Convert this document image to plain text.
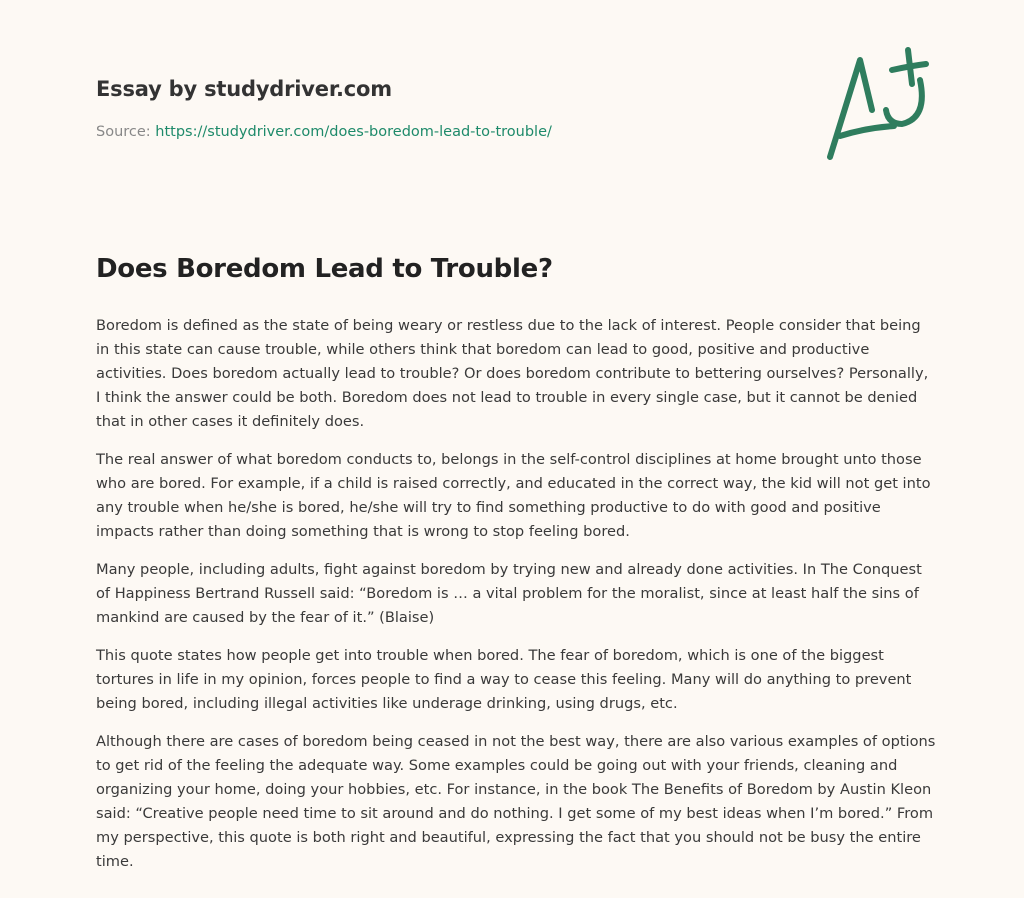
Essay by studydriver.com
Source: https://studydriver.com/does-boredom-lead-to-trouble/
Does Boredom Lead to Trouble?

Boredom is defined as the state of being weary or restless due to the lack of interest. People consider that being in this state can cause trouble, while others think that boredom can lead to good, positive and productive activities. Does boredom actually lead to trouble? Or does boredom contribute to bettering ourselves? Personally, I think the answer could be both. Boredom does not lead to trouble in every single case, but it cannot be denied that in other cases it definitely does.

The real answer of what boredom conducts to, belongs in the self-control disciplines at home brought unto those who are bored. For example, if a child is raised correctly, and educated in the correct way, the kid will not get into any trouble when he/she is bored, he/she will try to find something productive to do with good and positive impacts rather than doing something that is wrong to stop feeling bored.

Many people, including adults, fight against boredom by trying new and already done activities. In The Conquest of Happiness Bertrand Russell said: “Boredom is … a vital problem for the moralist, since at least half the sins of mankind are caused by the fear of it.” (Blaise)

This quote states how people get into trouble when bored. The fear of boredom, which is one of the biggest tortures in life in my opinion, forces people to find a way to cease this feeling. Many will do anything to prevent being bored, including illegal activities like underage drinking, using drugs, etc.

Although there are cases of boredom being ceased in not the best way, there are also various examples of options to get rid of the feeling the adequate way. Some examples could be going out with your friends, cleaning and organizing your home, doing your hobbies, etc. For instance, in the book The Benefits of Boredom by Austin Kleon said: “Creative people need time to sit around and do nothing. I get some of my best ideas when I’m bored.” From my perspective, this quote is both right and beautiful, expressing the fact that you should not be busy the entire time.
